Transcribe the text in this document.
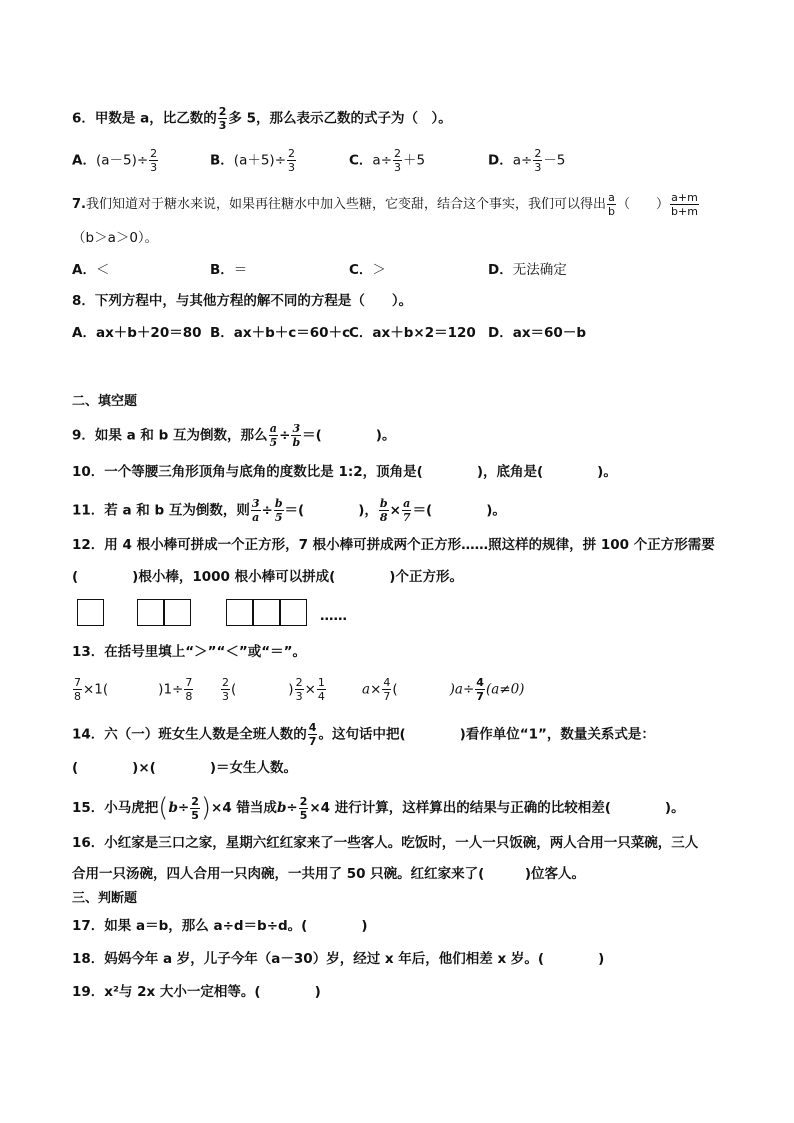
6．甲数是 a，比乙数的 $\frac{2}{3}$ 多 5，那么表示乙数的式子为（　）。
A．$(a-5)\div \frac{2}{3}$	B．$(a+5)\div \frac{2}{3}$	C．$a\div \frac{2}{3} +5$	D．$a\div \frac{2}{3} -5$
7.我们知道对于糖水来说，如果再往糖水中加入些糖，它变甜，结合这个事实，我们可以得出 $\frac{a}{b}$ （　　） $\frac{a+m}{b+m}$
（b＞a＞0）。
A．＜	B．＝	C．＞	D．无法确定
8．下列方程中，与其他方程的解不同的方程是（　　）。
A．ax＋b＋20＝80 B．ax＋b＋c＝60＋c
C．ax＋b×2＝120 D．ax＝60－b
二、填空题
9．如果 a 和 b 互为倒数，那么 $\frac{a}{5} \div \frac{3}{b}$ ＝(　　　　)。
10．一个等腰三角形顶角与底角的度数比是 1:2，顶角是(　　　　)，底角是(　　　　)。
11．若 a 和 b 互为倒数，则 $\frac{3}{a} \div \frac{b}{5}$ ＝(　　　　)， $\frac{b}{8} \times \frac{a}{7}$ ＝(　　　　)。
12．用 4 根小棒可拼成一个正方形，7 根小棒可拼成两个正方形……照这样的规律，拼 100 个正方形需要
(　　　　)根小棒，1000 根小棒可以拼成(　　　　)个正方形。
……
13．在括号里填上“＞”“＜”或“＝”。
$\frac{7}{8} \times 1$(	)$1\div \frac{7}{8}$	$\frac{2}{3}$ (	) $\frac{2}{3} \times \frac{1}{4}$	$a\times \frac{4}{7}$ (	)$a\div \frac{4}{7} (a\ne 0)$
14．六（一）班女生人数是全班人数的 $\frac{4}{7}$ 。这句话中把(　　　　)看作单位“1”，数量关系式是：
(　　　　)×(　　　　)＝女生人数。
15．小马虎把$(b\div \frac{2}{5} )\times 4$ 错当成$b\div \frac{2}{5} \times 4$ 进行计算，这样算出的结果与正确的比较相差(　　　　)。
16．小红家是三口之家，星期六红红家来了一些客人。吃饭时，一人一只饭碗，两人合用一只菜碗，三人
合用一只汤碗，四人合用一只肉碗，一共用了 50 只碗。红红家来了(　　　)位客人。
三、判断题
17．如果 a＝b，那么 a÷d＝b÷d。(　　　　)
18．妈妈今年 a 岁，儿子今年（a－30）岁，经过 x 年后，他们相差 x 岁。(　　　　)
19．x²与 2x 大小一定相等。(　　　　)
